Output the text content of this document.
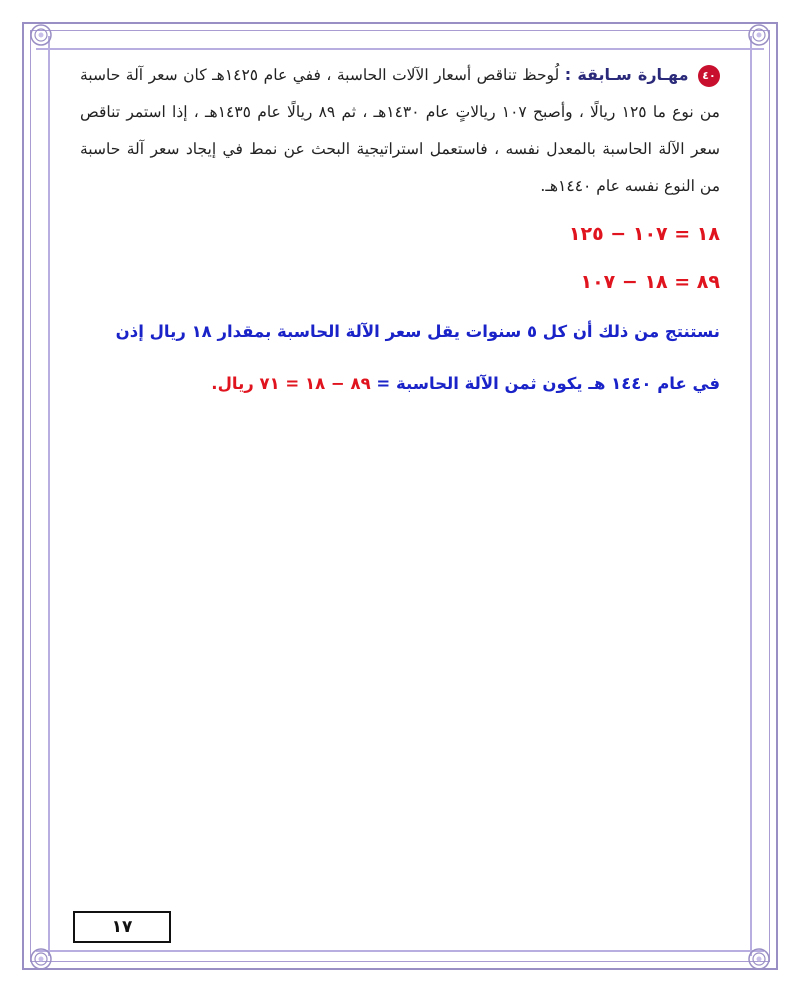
٤٠ مهـارة سـابقة : لُوحظ تناقص أسعار الآلات الحاسبة ، ففي عام ١٤٢٥هـ كان سعر آلة حاسبة من نوع ما ١٢٥ ريالًا ، وأصبح ١٠٧ ريالاتٍ عام ١٤٣٠هـ ، ثم ٨٩ ريالًا عام ١٤٣٥هـ ، إذا استمر تناقص سعر الآلة الحاسبة بالمعدل نفسه ، فاستعمل استراتيجية البحث عن نمط في إيجاد سعر آلة حاسبة من النوع نفسه عام ١٤٤٠هـ.
١٨ = ١٠٧ − ١٢٥
٨٩ = ١٨ − ١٠٧
نستنتج من ذلك أن كل ٥ سنوات يقل سعر الآلة الحاسبة بمقدار ١٨ ريال إذن
في عام ١٤٤٠ هـ يكون ثمن الآلة الحاسبة = ٨٩ − ١٨ = ٧١ ريال.
١٧
